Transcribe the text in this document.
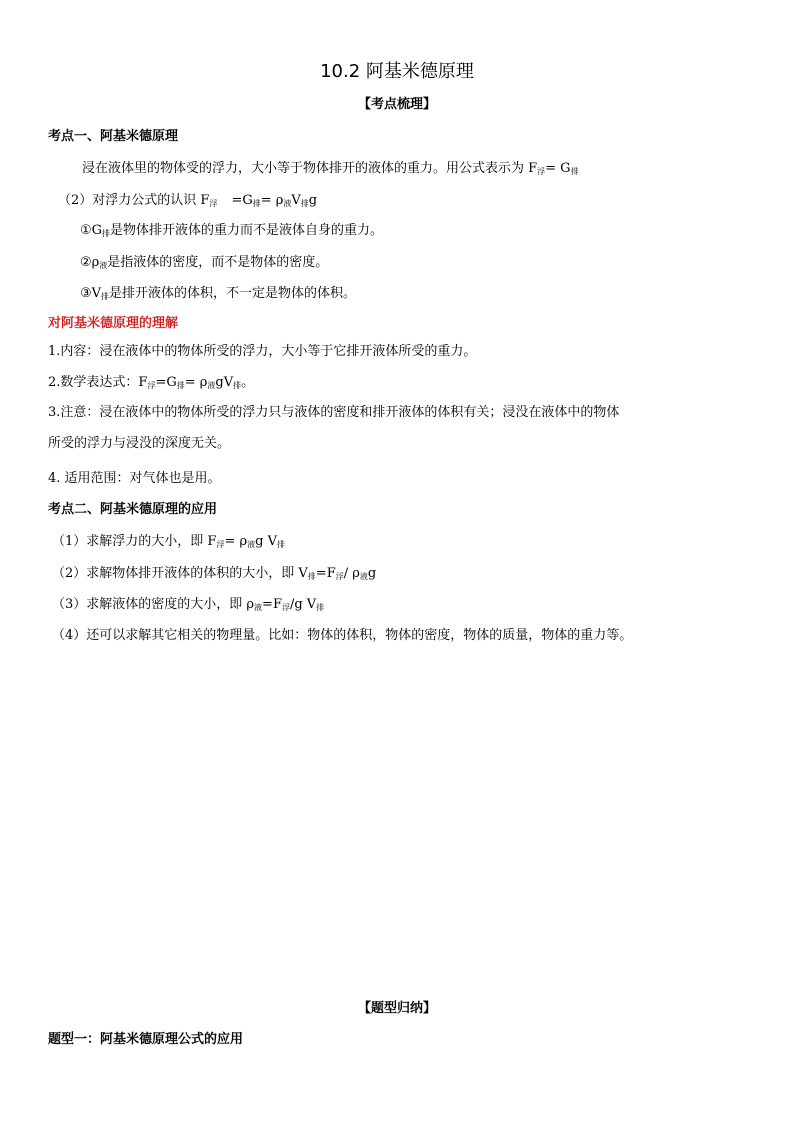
10.2 阿基米德原理
【考点梳理】
考点一、阿基米德原理
浸在液体里的物体受的浮力，大小等于物体排开的液体的重力。用公式表示为 $F_浮= G_排$
（2）对浮力公式的认识 $F_浮 =G_排= \rho_液V_排g$
$①G_排$是物体排开液体的重力而不是液体自身的重力。
$②\rho_液$是指液体的密度，而不是物体的密度。
$③V_排$是排开液体的体积，不一定是物体的体积。
对阿基米德原理的理解
1.内容：浸在液体中的物体所受的浮力，大小等于它排开液体所受的重力。
2.数学表达式：$F_浮=G_排= \rho_液gV_排$。
3.注意：浸在液体中的物体所受的浮力只与液体的密度和排开液体的体积有关；浸没在液体中的物体
所受的浮力与浸没的深度无关。
4. 适用范围：对气体也是用。
考点二、阿基米德原理的应用
（1）求解浮力的大小，即 $F_浮= \rho_液g$ $V_排$
（2）求解物体排开液体的体积的大小，即 $V_排=F_浮/$ $\rho_液g$
（3）求解液体的密度的大小，即 $\rho_液=F_浮/g$ $V_排$
（4）还可以求解其它相关的物理量。比如：物体的体积，物体的密度，物体的质量，物体的重力等。
【题型归纳】
题型一：阿基米德原理公式的应用
